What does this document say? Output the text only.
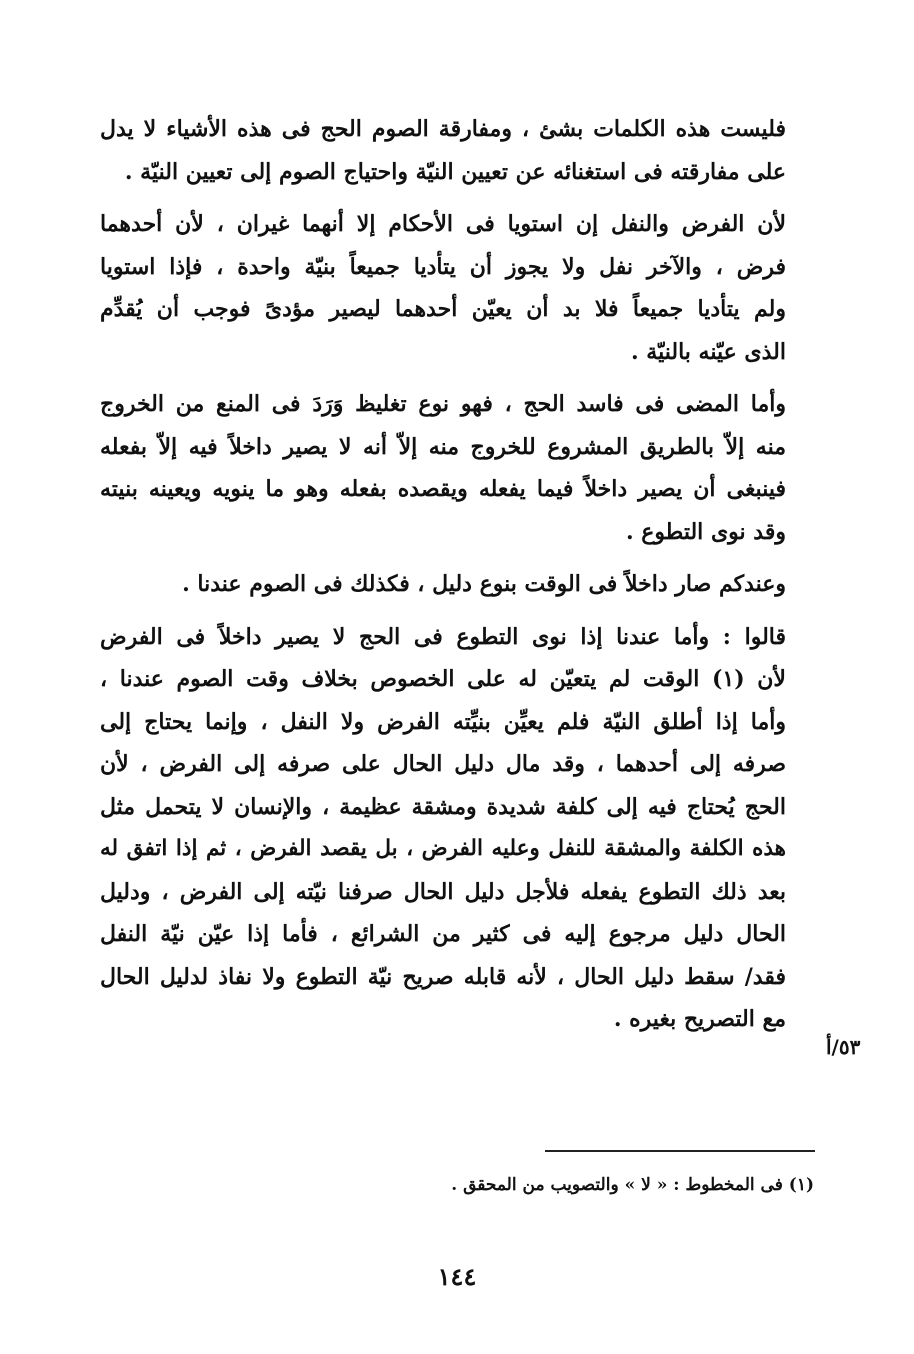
فليست هذه الكلمات بشئ ، ومفارقة الصوم الحج فى هذه الأشياء لا يدل
على مفارقته فى استغنائه عن تعيين النيّة واحتياج الصوم إلى تعيين النيّة .

لأن الفرض والنفل إن استويا فى الأحكام إلا أنهما غيران ، لأن أحدهما
فرض ، والآخر نفل ولا يجوز أن يتأديا جميعاً بنيّة واحدة ، فإذا استويا
ولم يتأديا جميعاً فلا بد أن يعيّن أحدهما ليصير مؤدىً فوجب أن يُقدِّم
الذى عيّنه بالنيّة .

وأما المضى فى فاسد الحج ، فهو نوع تغليظ وَرَدَ فى المنع من الخروج
منه إلاّ بالطريق المشروع للخروج منه إلاّ أنه لا يصير داخلاً فيه إلاّ بفعله
فينبغى أن يصير داخلاً فيما يفعله ويقصده بفعله وهو ما ينويه ويعينه بنيته
وقد نوى التطوع .

وعندكم صار داخلاً فى الوقت بنوع دليل ، فكذلك فى الصوم عندنا .

قالوا : وأما عندنا إذا نوى التطوع فى الحج لا يصير داخلاً فى الفرض
لأن (١) الوقت لم يتعيّن له على الخصوص بخلاف وقت الصوم عندنا ،
وأما إذا أطلق النيّة فلم يعيِّن بنيِّته الفرض ولا النفل ، وإنما يحتاج إلى
صرفه إلى أحدهما ، وقد مال دليل الحال على صرفه إلى الفرض ، لأن
الحج يُحتاج فيه إلى كلفة شديدة ومشقة عظيمة ، والإنسان لا يتحمل مثل
هذه الكلفة والمشقة للنفل وعليه الفرض ، بل يقصد الفرض ، ثم إذا اتفق له
بعد ذلك التطوع يفعله فلأجل دليل الحال صرفنا نيّته إلى الفرض ، ودليل
الحال دليل مرجوع إليه فى كثير من الشرائع ، فأما إذا عيّن نيّة النفل
فقد/ سقط دليل الحال ، لأنه قابله صريح نيّة التطوع ولا نفاذ لدليل الحال
مع التصريح بغيره .

٥٣/أ
(١) فى المخطوط : « لا » والتصويب من المحقق .
١٤٤
